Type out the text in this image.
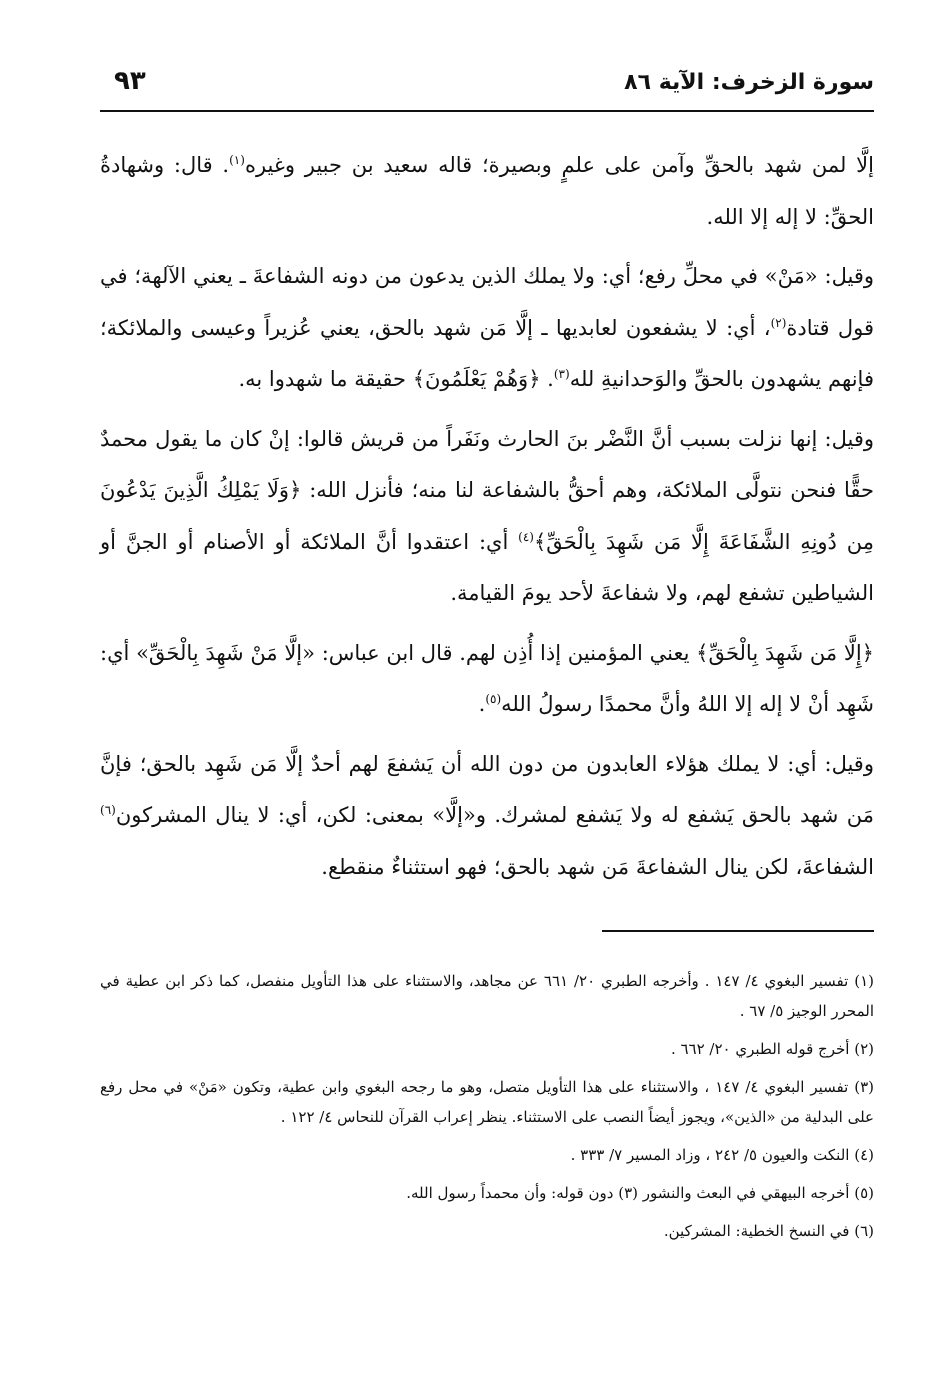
سورة الزخرف: الآية ٨٦
٩٣

إلَّا لمن شهد بالحقِّ وآمن على علمٍ وبصيرة؛ قاله سعيد بن جبير وغيره$^{(١)}$. قال: وشهادةُ الحقِّ: لا إله إلا الله.

وقيل: «مَنْ» في محلِّ رفع؛ أي: ولا يملك الذين يدعون من دونه الشفاعةَ ـ يعني الآلهة؛ في قول قتادة$^{(٢)}$، أي: لا يشفعون لعابديها ـ إلَّا مَن شهد بالحق، يعني عُزيراً وعيسى والملائكة؛ فإنهم يشهدون بالحقِّ والوَحدانيةِ لله$^{(٣)}$. ﴿وَهُمْ يَعْلَمُونَ﴾ حقيقة ما شهدوا به.

وقيل: إنها نزلت بسبب أنَّ النَّضْر بنَ الحارث ونَفَراً من قريش قالوا: إنْ كان ما يقول محمدٌ حقًّا فنحن نتولَّى الملائكة، وهم أحقُّ بالشفاعة لنا منه؛ فأنزل الله: ﴿وَلَا يَمْلِكُ الَّذِينَ يَدْعُونَ مِن دُونِهِ الشَّفَاعَةَ إِلَّا مَن شَهِدَ بِالْحَقِّ﴾$^{(٤)}$ أي: اعتقدوا أنَّ الملائكة أو الأصنام أو الجنَّ أو الشياطين تشفع لهم، ولا شفاعةَ لأحد يومَ القيامة.

﴿إِلَّا مَن شَهِدَ بِالْحَقِّ﴾ يعني المؤمنين إذا أُذِن لهم. قال ابن عباس: «إلَّا مَنْ شَهِدَ بِالْحَقِّ» أي: شَهِد أنْ لا إله إلا اللهُ وأنَّ محمدًا رسولُ الله$^{(٥)}$.

وقيل: أي: لا يملك هؤلاء العابدون من دون الله أن يَشفعَ لهم أحدٌ إلَّا مَن شَهِد بالحق؛ فإنَّ مَن شهد بالحق يَشفع له ولا يَشفع لمشرك. و«إلَّا» بمعنى: لكن، أي: لا ينال المشركون$^{(٦)}$ الشفاعةَ، لكن ينال الشفاعةَ مَن شهد بالحق؛ فهو استثناءٌ منقطع.

(١) تفسير البغوي ٤/ ١٤٧ . وأخرجه الطبري ٢٠/ ٦٦١ عن مجاهد، والاستثناء على هذا التأويل منفصل، كما ذكر ابن عطية في المحرر الوجيز ٥/ ٦٧ .

(٢) أخرج قوله الطبري ٢٠/ ٦٦٢ .

(٣) تفسير البغوي ٤/ ١٤٧ ، والاستثناء على هذا التأويل متصل، وهو ما رجحه البغوي وابن عطية، وتكون «مَنْ» في محل رفع على البدلية من «الذين»، ويجوز أيضاً النصب على الاستثناء. ينظر إعراب القرآن للنحاس ٤/ ١٢٢ .

(٤) النكت والعيون ٥/ ٢٤٢ ، وزاد المسير ٧/ ٣٣٣ .

(٥) أخرجه البيهقي في البعث والنشور (٣) دون قوله: وأن محمداً رسول الله.

(٦) في النسخ الخطية: المشركين.
